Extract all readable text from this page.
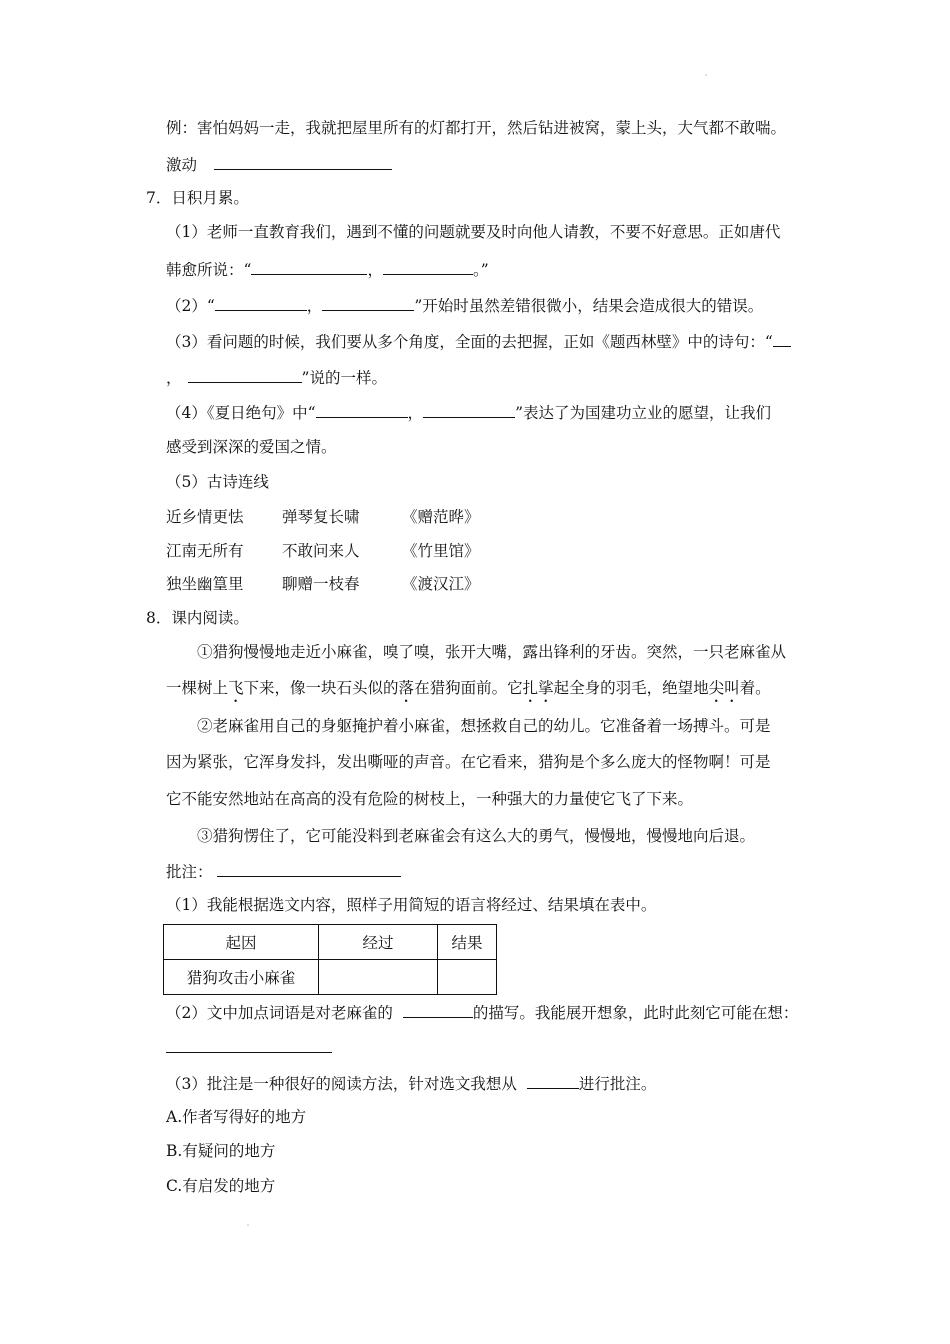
˙
例：害怕妈妈一走，我就把屋里所有的灯都打开，然后钻进被窝，蒙上头，大气都不敢喘。
激动
7．日积月累。
（1）老师一直教育我们，遇到不懂的问题就要及时向他人请教，不要不好意思。正如唐代
韩愈所说：“	，	。”
（2）“	，	”开始时虽然差错很微小，结果会造成很大的错误。
（3）看问题的时候，我们要从多个角度，全面的去把握，正如《题西林壁》中的诗句：“
，	”说的一样。
（4）《夏日绝句》中“	，	”表达了为国建功立业的愿望，让我们
感受到深深的爱国之情。
（5）古诗连线
近乡情更怯 弹琴复长啸	《赠范晔》
江南无所有 不敢问来人	《竹里馆》
独坐幽篁里 聊赠一枝春	《渡汉江》
8．课内阅读。
①猎狗慢慢地走近小麻雀，嗅了嗅，张开大嘴，露出锋利的牙齿。突然，一只老麻雀从
一棵树上飞下来，像一块石头似的落在猎狗面前。它扎挲起全身的羽毛，绝望地尖叫着。
②老麻雀用自己的身躯掩护着小麻雀，想拯救自己的幼儿。它准备着一场搏斗。可是
因为紧张，它浑身发抖，发出嘶哑的声音。在它看来，猎狗是个多么庞大的怪物啊！可是
它不能安然地站在高高的没有危险的树枝上，一种强大的力量使它飞了下来。
③猎狗愣住了，它可能没料到老麻雀会有这么大的勇气，慢慢地，慢慢地向后退。
批注：
（1）我能根据选文内容，照样子用简短的语言将经过、结果填在表中。
起因	经过	结果
猎狗攻击小麻雀		
（2）文中加点词语是对老麻雀的	的描写。我能展开想象，此时此刻它可能在想：
（3）批注是一种很好的阅读方法，针对选文我想从	进行批注。
A.作者写得好的地方
B.有疑问的地方
C.有启发的地方
˙
